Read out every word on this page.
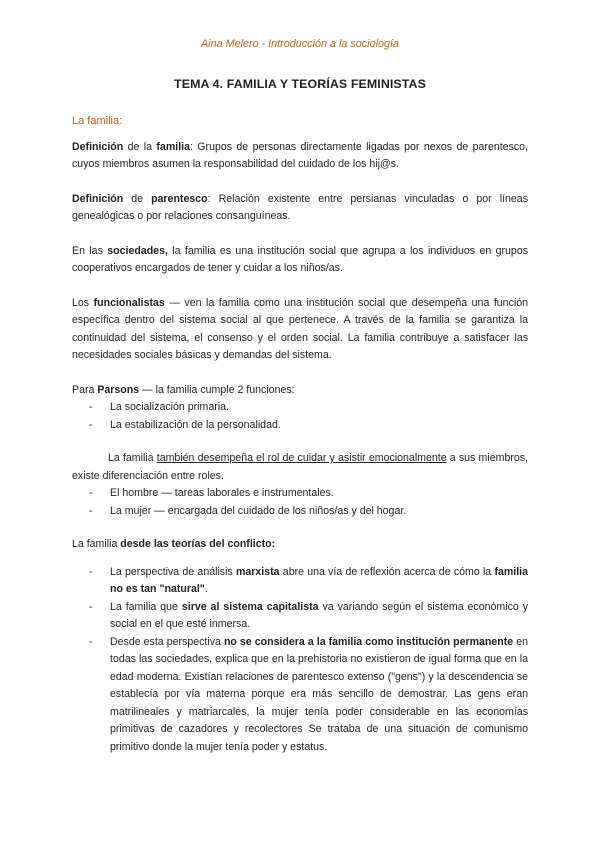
Aina Melero - Introducción a la sociología
TEMA 4. FAMILIA Y TEORÍAS FEMINISTAS
La familia:

Definición de la familia: Grupos de personas directamente ligadas por nexos de parentesco, cuyos miembros asumen la responsabilidad del cuidado de los hij@s.

Definición de parentesco: Relación existente entre persianas vinculadas o por líneas genealógicas o por relaciones consanguíneas.

En las sociedades, la familia es una institución social que agrupa a los individuos en grupos cooperativos encargados de tener y cuidar a los niños/as.

Los funcionalistas — ven la familia como una institución social que desempeña una función específica dentro del sistema social al que pertenece. A través de la familia se garantiza la continuidad del sistema, el consenso y el orden social. La familia contribuye a satisfacer las necesidades sociales básicas y demandas del sistema.

Para Parsons — la familia cumple 2 funciones:

- La socialización primaria.
- La estabilización de la personalidad.

La familia también desempeña el rol de cuidar y asistir emocionalmente a sus miembros, existe diferenciación entre roles.

- El hombre — tareas laborales e instrumentales.
- La mujer — encargada del cuidado de los niños/as y del hogar.

La familia desde las teorías del conflicto:

- La perspectiva de análisis marxista abre una vía de reflexión acerca de cómo la familia no es tan "natural".
- La familia que sirve al sistema capitalista va variando según el sistema económico y social en el que esté inmersa.
- Desde esta perspectiva no se considera a la familia como institución permanente en todas las sociedades, explica que en la prehistoria no existieron de igual forma que en la edad moderna. Existían relaciones de parentesco extenso ("gens") y la descendencia se establecía por vía materna porque era más sencillo de demostrar. Las gens eran matrilineales y matriarcales, la mujer tenía poder considerable en las economías primitivas de cazadores y recolectores Se trataba de una situación de comunismo primitivo donde la mujer tenía poder y estatus.
